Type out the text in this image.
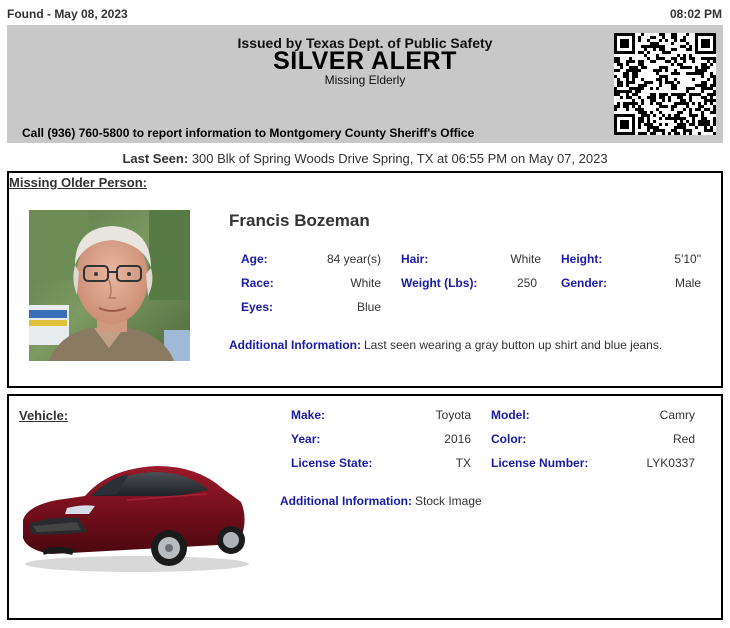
Found - May 08, 2023	08:02 PM
Issued by Texas Dept. of Public Safety
SILVER ALERT
Missing Elderly
Call (936) 760-5800 to report information to Montgomery County Sheriff's Office
Last Seen: 300 Blk of Spring Woods Drive Spring, TX at 06:55 PM on May 07, 2023
Missing Older Person:
Francis Bozeman
Age:	84 year(s) Hair:	White Height:	5'10"
Race:	White Weight (Lbs):	250 Gender:	Male
Eyes:	Blue
Additional Information: Last seen wearing a gray button up shirt and blue jeans.
Vehicle:	Make:	Toyota Model:	Camry
Year:	2016 Color:	Red
License State:	TX License Number:	LYK0337
Additional Information: Stock Image
